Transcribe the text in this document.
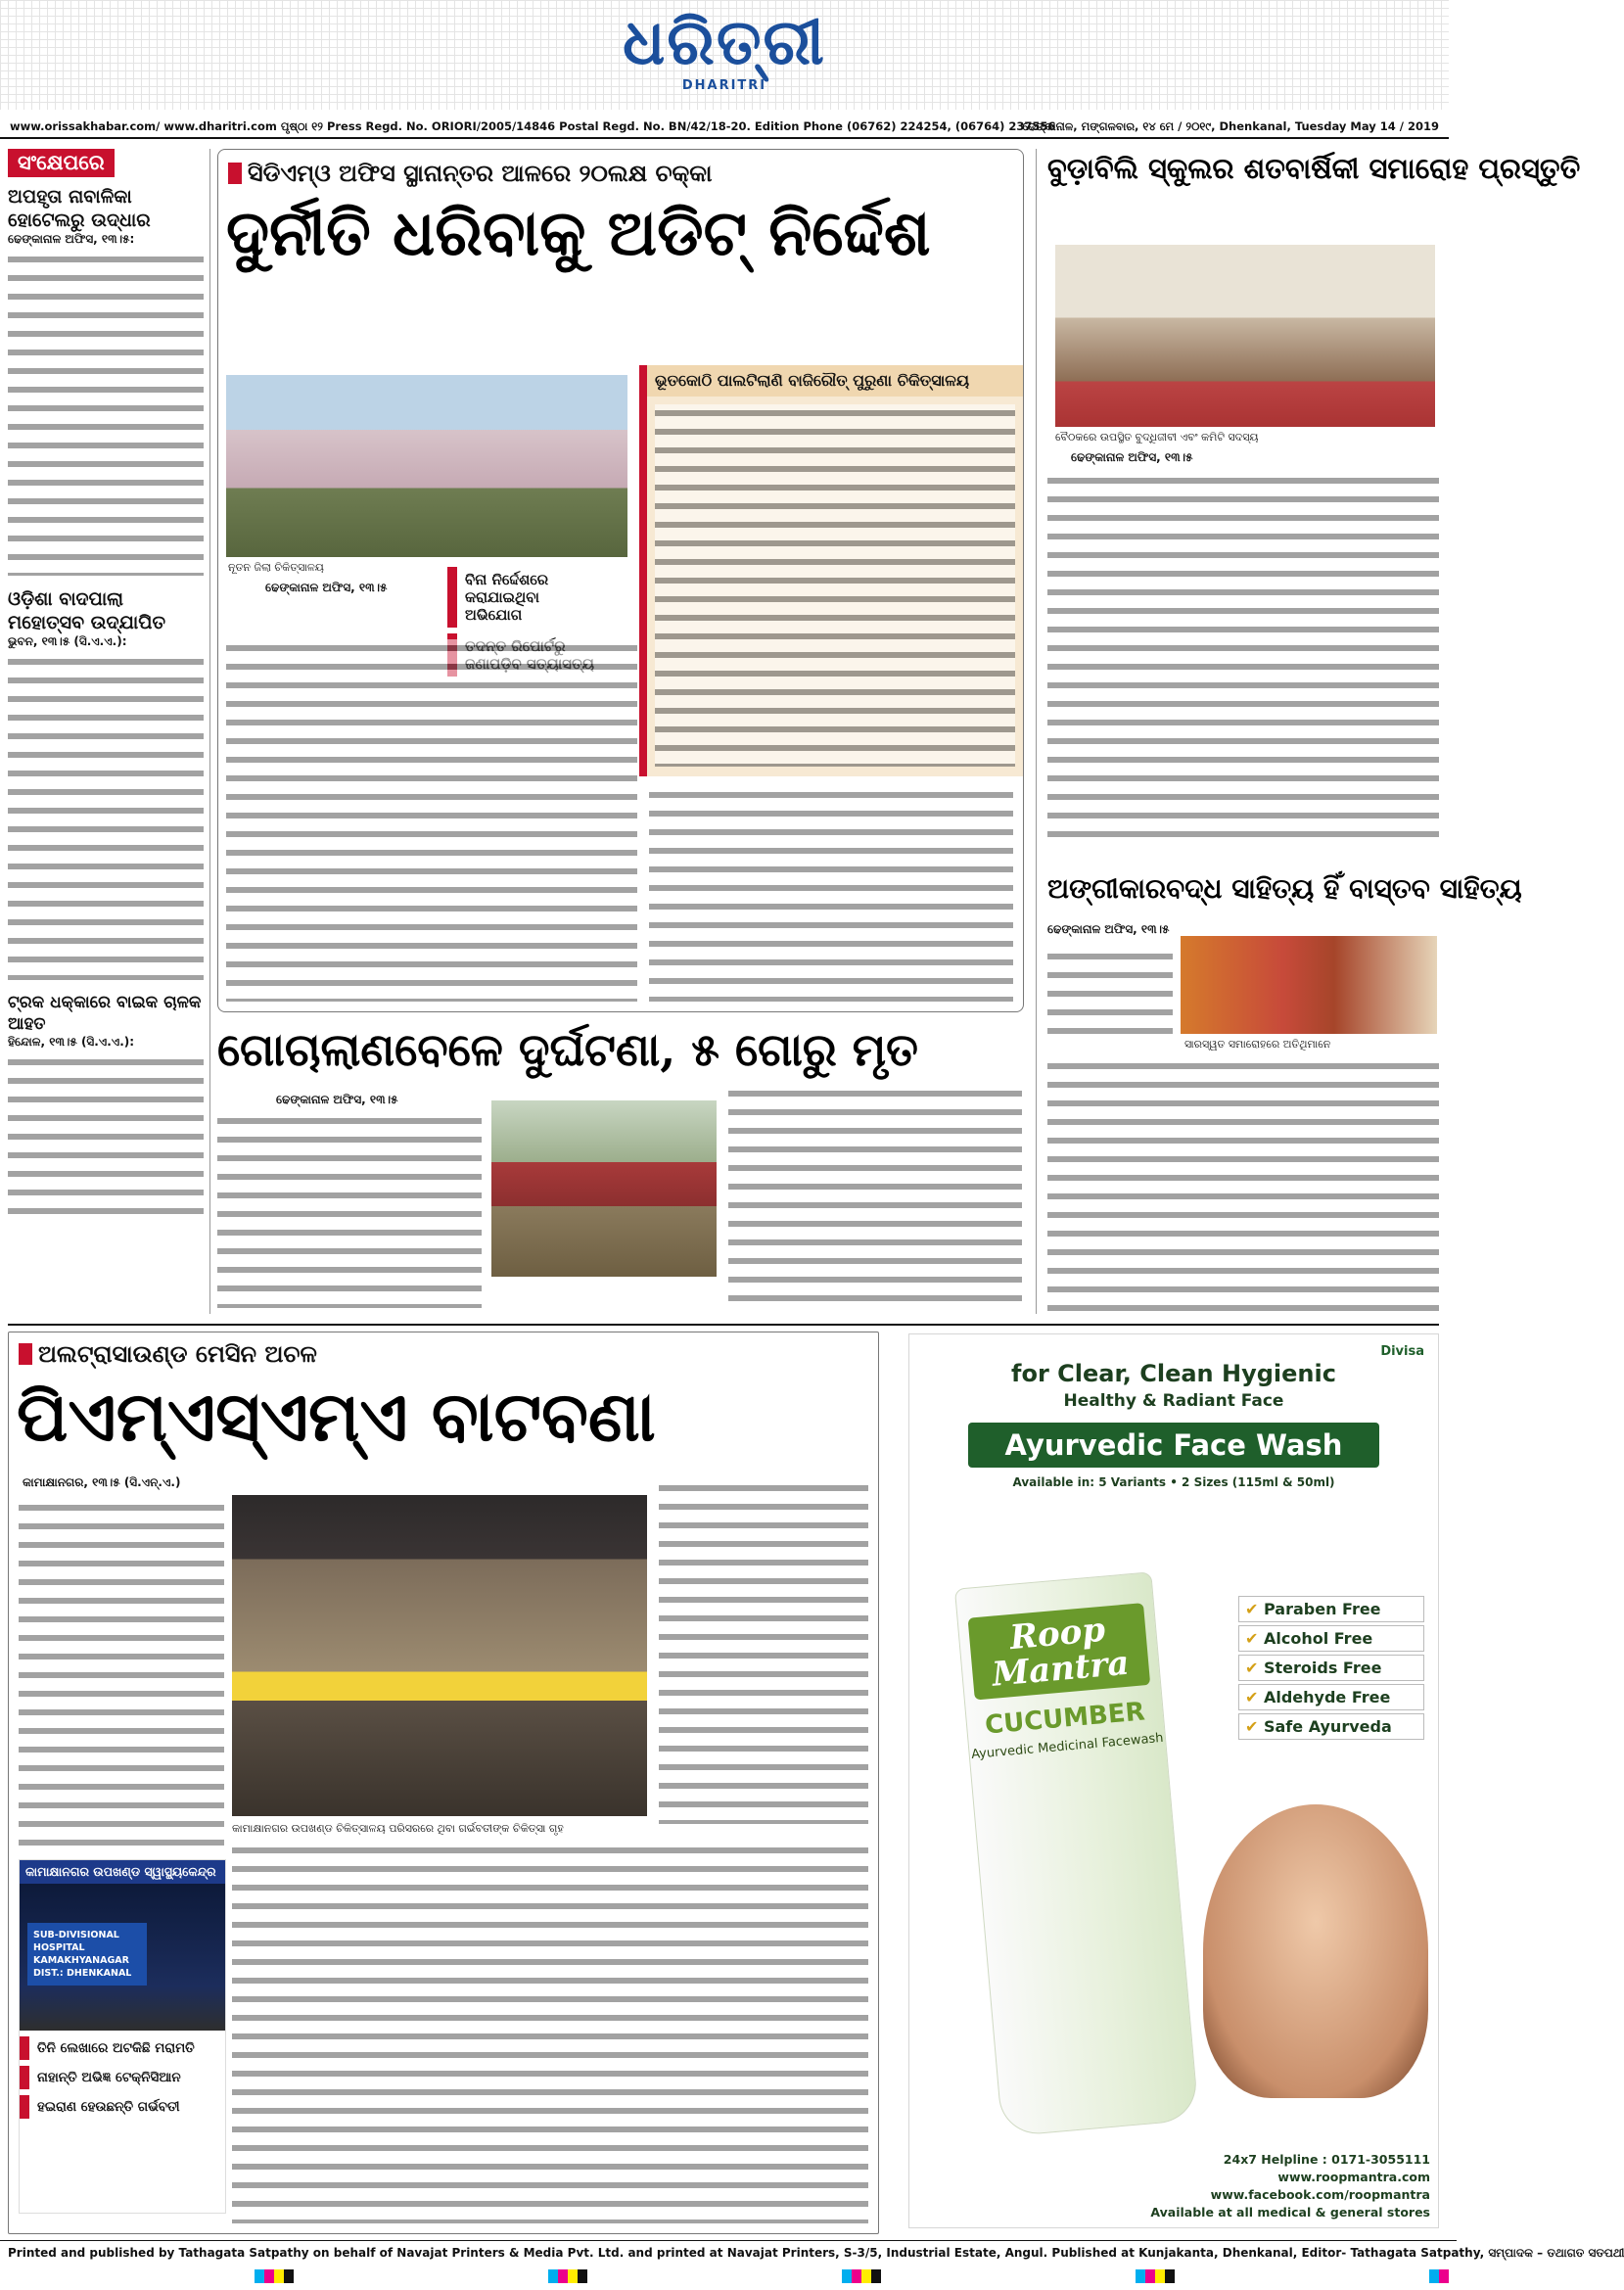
ଧରିତ୍ରୀ
DHARITRI
www.orissakhabar.com/ www.dharitri.com ପୃଷ୍ଠା ୧୨ Press Regd. No. ORIORI/2005/14846 Postal Regd. No. BN/42/18-20. Edition Phone (06762) 224254, (06764) 237556
ଢେଙ୍କାନାଳ, ମଙ୍ଗଳବାର, ୧୪ ମେ / ୨୦୧୯, Dhenkanal, Tuesday May 14 / 2019
ସଂକ୍ଷେପରେ
ଅପହୃତା ନାବାଳିକା ହୋଟେଲରୁ ଉଦ୍ଧାର
ଢେଙ୍କାନାଳ ଅଫିସ, ୧୩।୫:
ଓଡ଼ିଶା ବାଦପାଲା ମହୋତ୍ସବ ଉଦ୍‌ଯାପିତ
ଭୁବନ, ୧୩।୫ (ସି.ଏ.ଏ.):
ଟ୍ରକ ଧକ୍କାରେ ବାଇକ ଚାଳକ ଆହତ
ହିନ୍ଦୋଳ, ୧୩।୫ (ସି.ଏ.ଏ.):
ସିଡିଏମ୍‌ଓ ଅଫିସ ସ୍ଥାନାନ୍ତର ଆଳରେ ୨୦ଲକ୍ଷ ଚକ୍କା
ଦୁର୍ନୀତି ଧରିବାକୁ ଅଡିଟ୍ ନିର୍ଦ୍ଦେଶ
ନୂତନ ଜିଲା ଚିକିତ୍ସାଳୟ
ଢେଙ୍କାନାଳ ଅଫିସ, ୧୩।୫	ବିନା ନିର୍ଦ୍ଦେଶରେ କରାଯାଇଥିବା ଅଭିଯୋଗ
ଭୂତକୋଠି ପାଲଟିଲାଣି ବାଜିରୌତ୍ ପୁରୁଣା ଚିକିତ୍ସାଳୟ
ବୁଡ଼ାବିଲି ସ୍କୁଲର ଶତବାର୍ଷିକୀ ସମାରୋହ ପ୍ରସ୍ତୁତି
ବୈଠକରେ ଉପସ୍ଥିତ ବୁଦ୍ଧିଜୀବୀ ଏବଂ କମିଟି ସଦସ୍ୟ
ଢେଙ୍କାନାଳ ଅଫିସ, ୧୩।୫
ଅଙ୍ଗୀକାରବଦ୍ଧ ସାହିତ୍ୟ ହିଁ ବାସ୍ତବ ସାହିତ୍ୟ
ଢେଙ୍କାନାଳ ଅଫିସ, ୧୩।୫
ସାରସ୍ୱତ ସମାରୋହରେ ଅତିଥିମାନେ
ଗୋଚାଲାଣବେଳେ ଦୁର୍ଘଟଣା, ୫ ଗୋରୁ ମୃତ
ଢେଙ୍କାନାଳ ଅଫିସ, ୧୩।୫
ଅଲଟ୍ରାସାଉଣ୍ଡ ମେସିନ ଅଚଳ
ପିଏମ୍‌ଏସ୍‌ଏମ୍‌ଏ ବାଟବଣା
କାମାକ୍ଷାନଗର, ୧୩।୫ (ସି.ଏନ୍.ଏ.)
କାମାକ୍ଷାନଗର ଉପଖଣ୍ଡ ଚିକିତ୍ସାଳୟ ପରିସରରେ ଥିବା ଗର୍ଭବତୀଙ୍କ ଚିକିତ୍ସା ଗୃହ
କାମାକ୍ଷାନଗର ଉପଖଣ୍ଡ ସ୍ୱାସ୍ଥ୍ୟକେନ୍ଦ୍ର
SUB-DIVISIONAL HOSPITAL KAMAKHYANAGAR DIST.: DHENKANAL
ତିନି ଲେଖାରେ ଅଟକିଛି ମରାମତି
ନାହାନ୍ତି ଅଭିଜ୍ଞ ଟେକ୍ନିସିଆନ
ହଇରାଣ ହେଉଛନ୍ତି ଗର୍ଭବତୀ
Divisa
for Clear, Clean Hygienic
Healthy & Radiant Face
Ayurvedic Face Wash
Available in: 5 Variants • 2 Sizes (115ml & 50ml)
Roop
Mantra
CUCUMBER
Ayurvedic Medicinal Facewash
✔ Paraben Free
✔ Alcohol Free
✔ Steroids Free
✔ Aldehyde Free
✔ Safe Ayurveda
24x7 Helpline : 0171-3055111
www.roopmantra.com
www.facebook.com/roopmantra
Available at all medical & general stores
Printed and published by Tathagata Satpathy on behalf of Navajat Printers & Media Pvt. Ltd. and printed at Navajat Printers, S-3/5, Industrial Estate, Angul. Published at Kunjakanta, Dhenkanal, Editor- Tathagata Satpathy, ସମ୍ପାଦକ – ତଥାଗତ ସତପଥୀ
